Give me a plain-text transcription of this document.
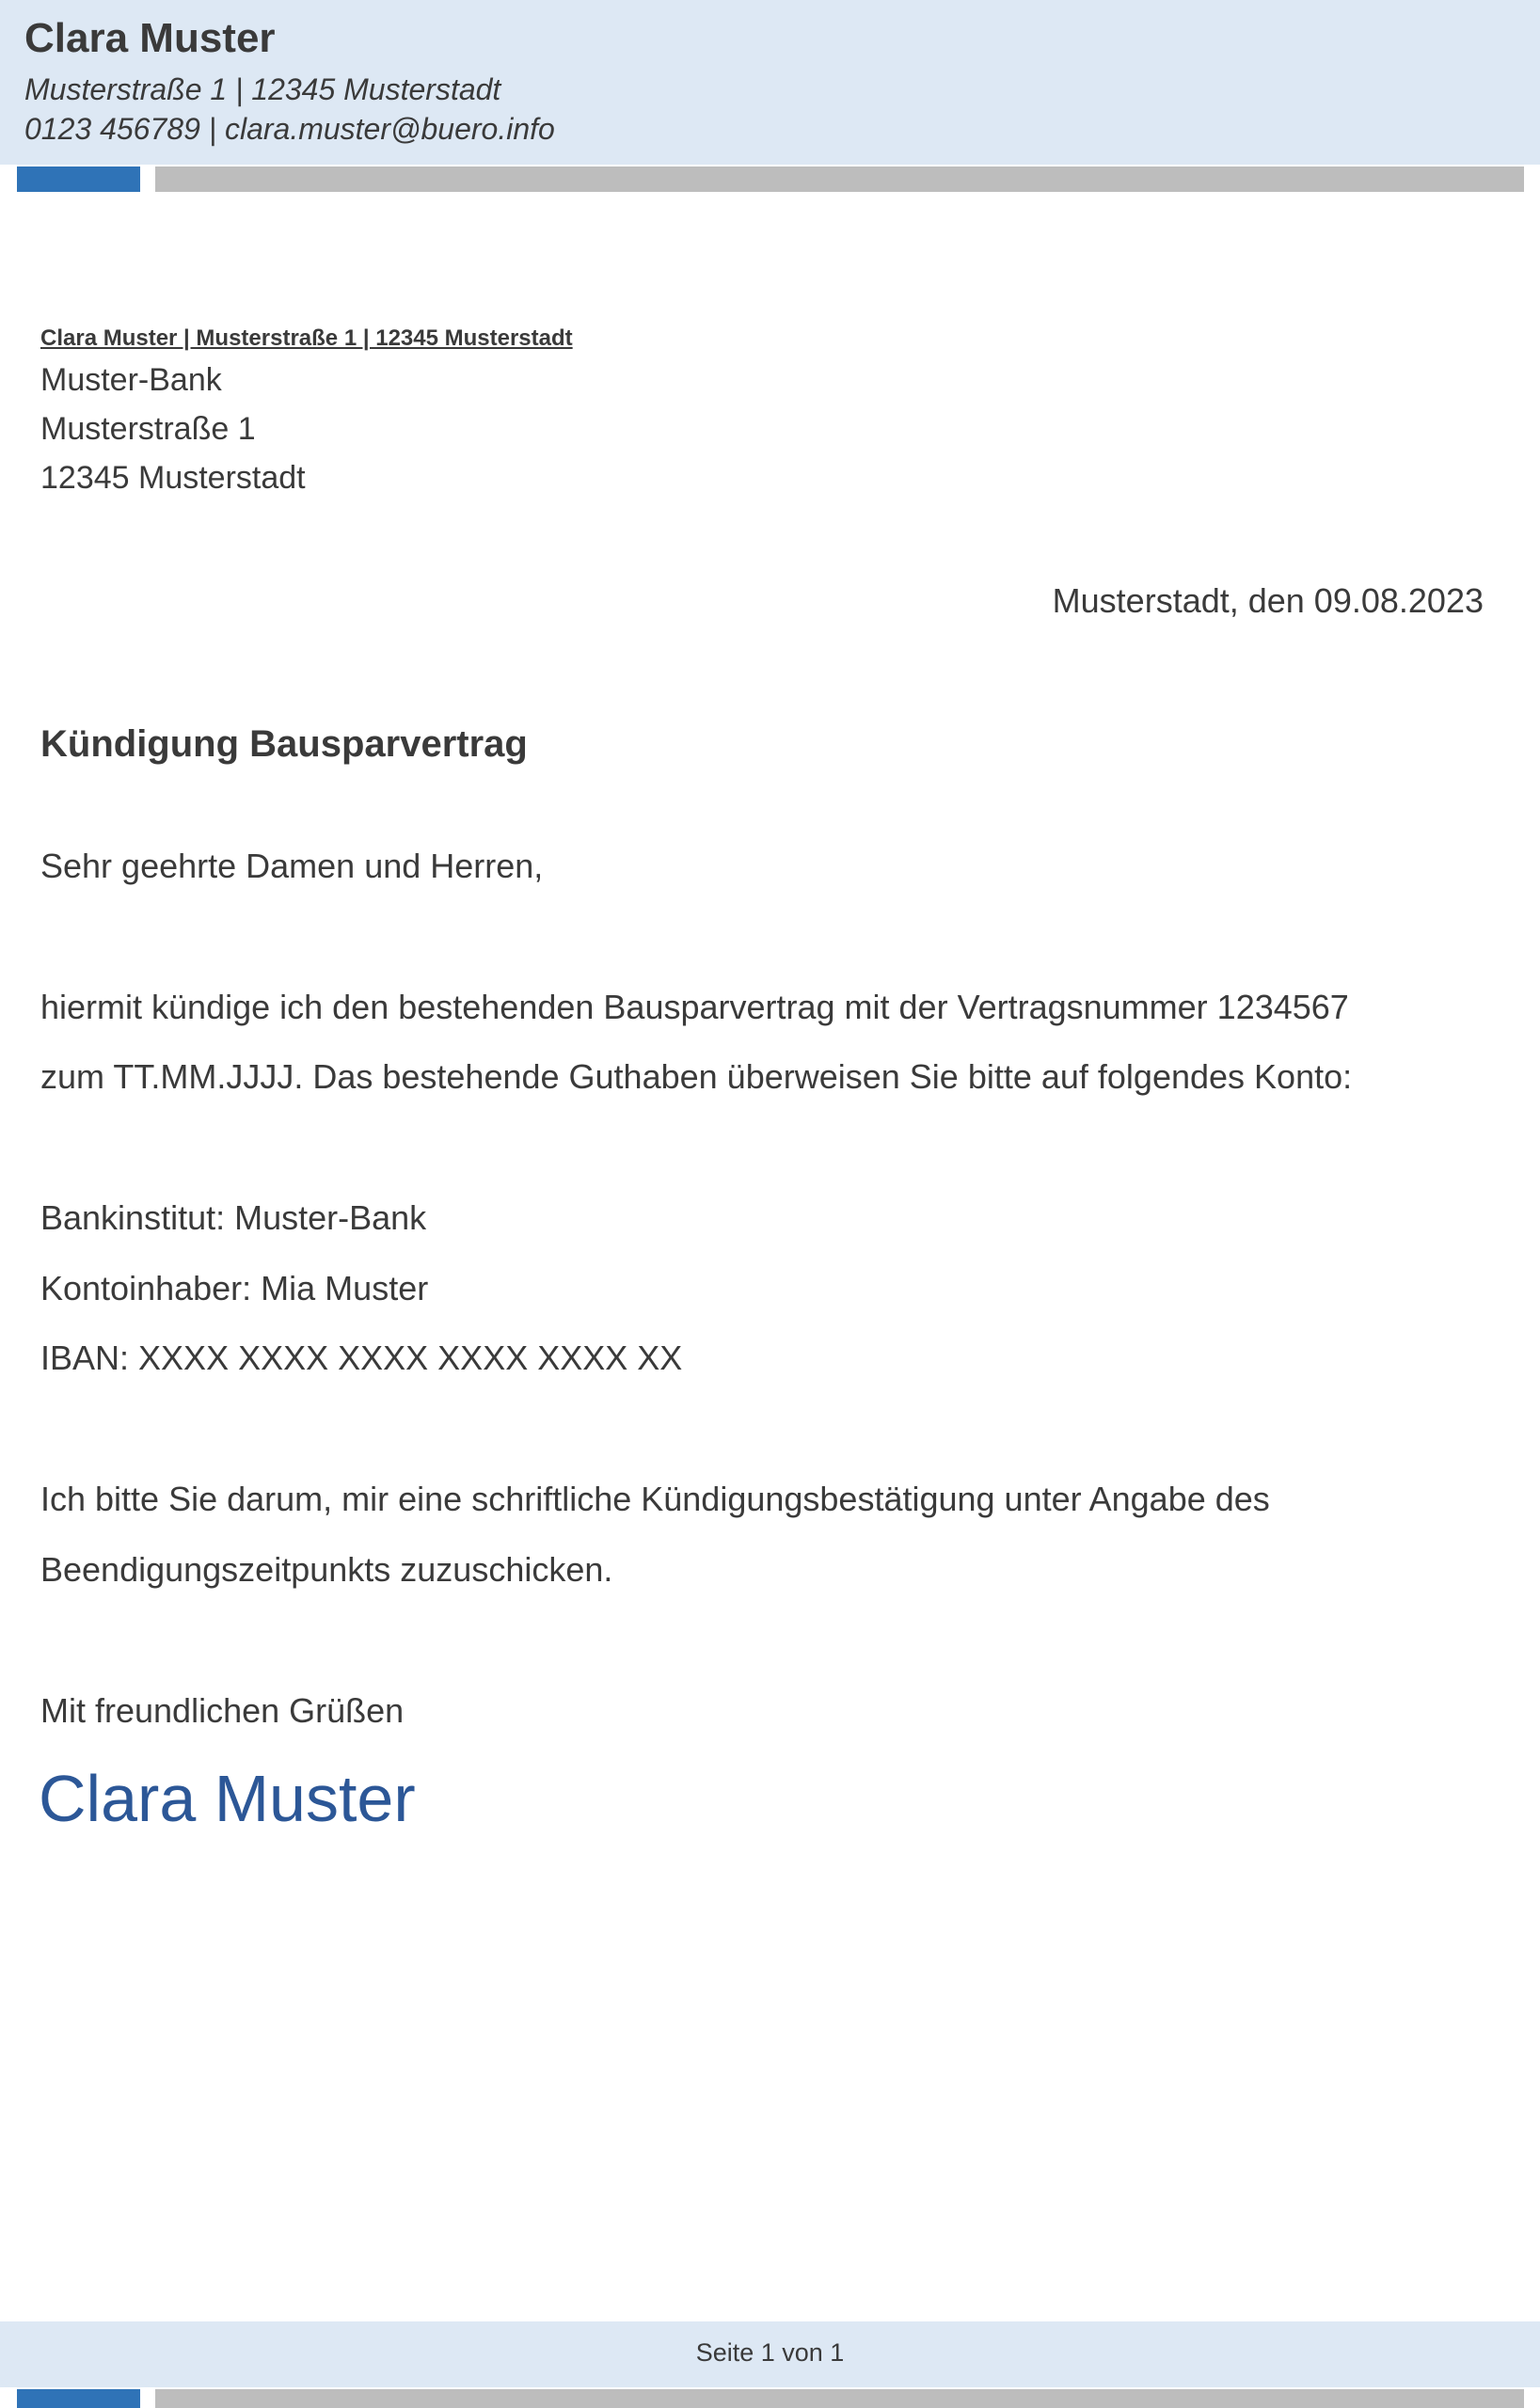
Clara Muster
Musterstraße 1 | 12345 Musterstadt
0123 456789 | clara.muster@buero.info
Clara Muster | Musterstraße 1 | 12345 Musterstadt
Muster-Bank
Musterstraße 1
12345 Musterstadt
Musterstadt, den 09.08.2023
Kündigung Bausparvertrag
Sehr geehrte Damen und Herren,
hiermit kündige ich den bestehenden Bausparvertrag mit der Vertragsnummer 1234567
zum TT.MM.JJJJ. Das bestehende Guthaben überweisen Sie bitte auf folgendes Konto:
Bankinstitut: Muster-Bank
Kontoinhaber: Mia Muster
IBAN: XXXX XXXX XXXX XXXX XXXX XX
Ich bitte Sie darum, mir eine schriftliche Kündigungsbestätigung unter Angabe des
Beendigungszeitpunkts zuzuschicken.
Mit freundlichen Grüßen
Clara Muster
Seite 1 von 1
